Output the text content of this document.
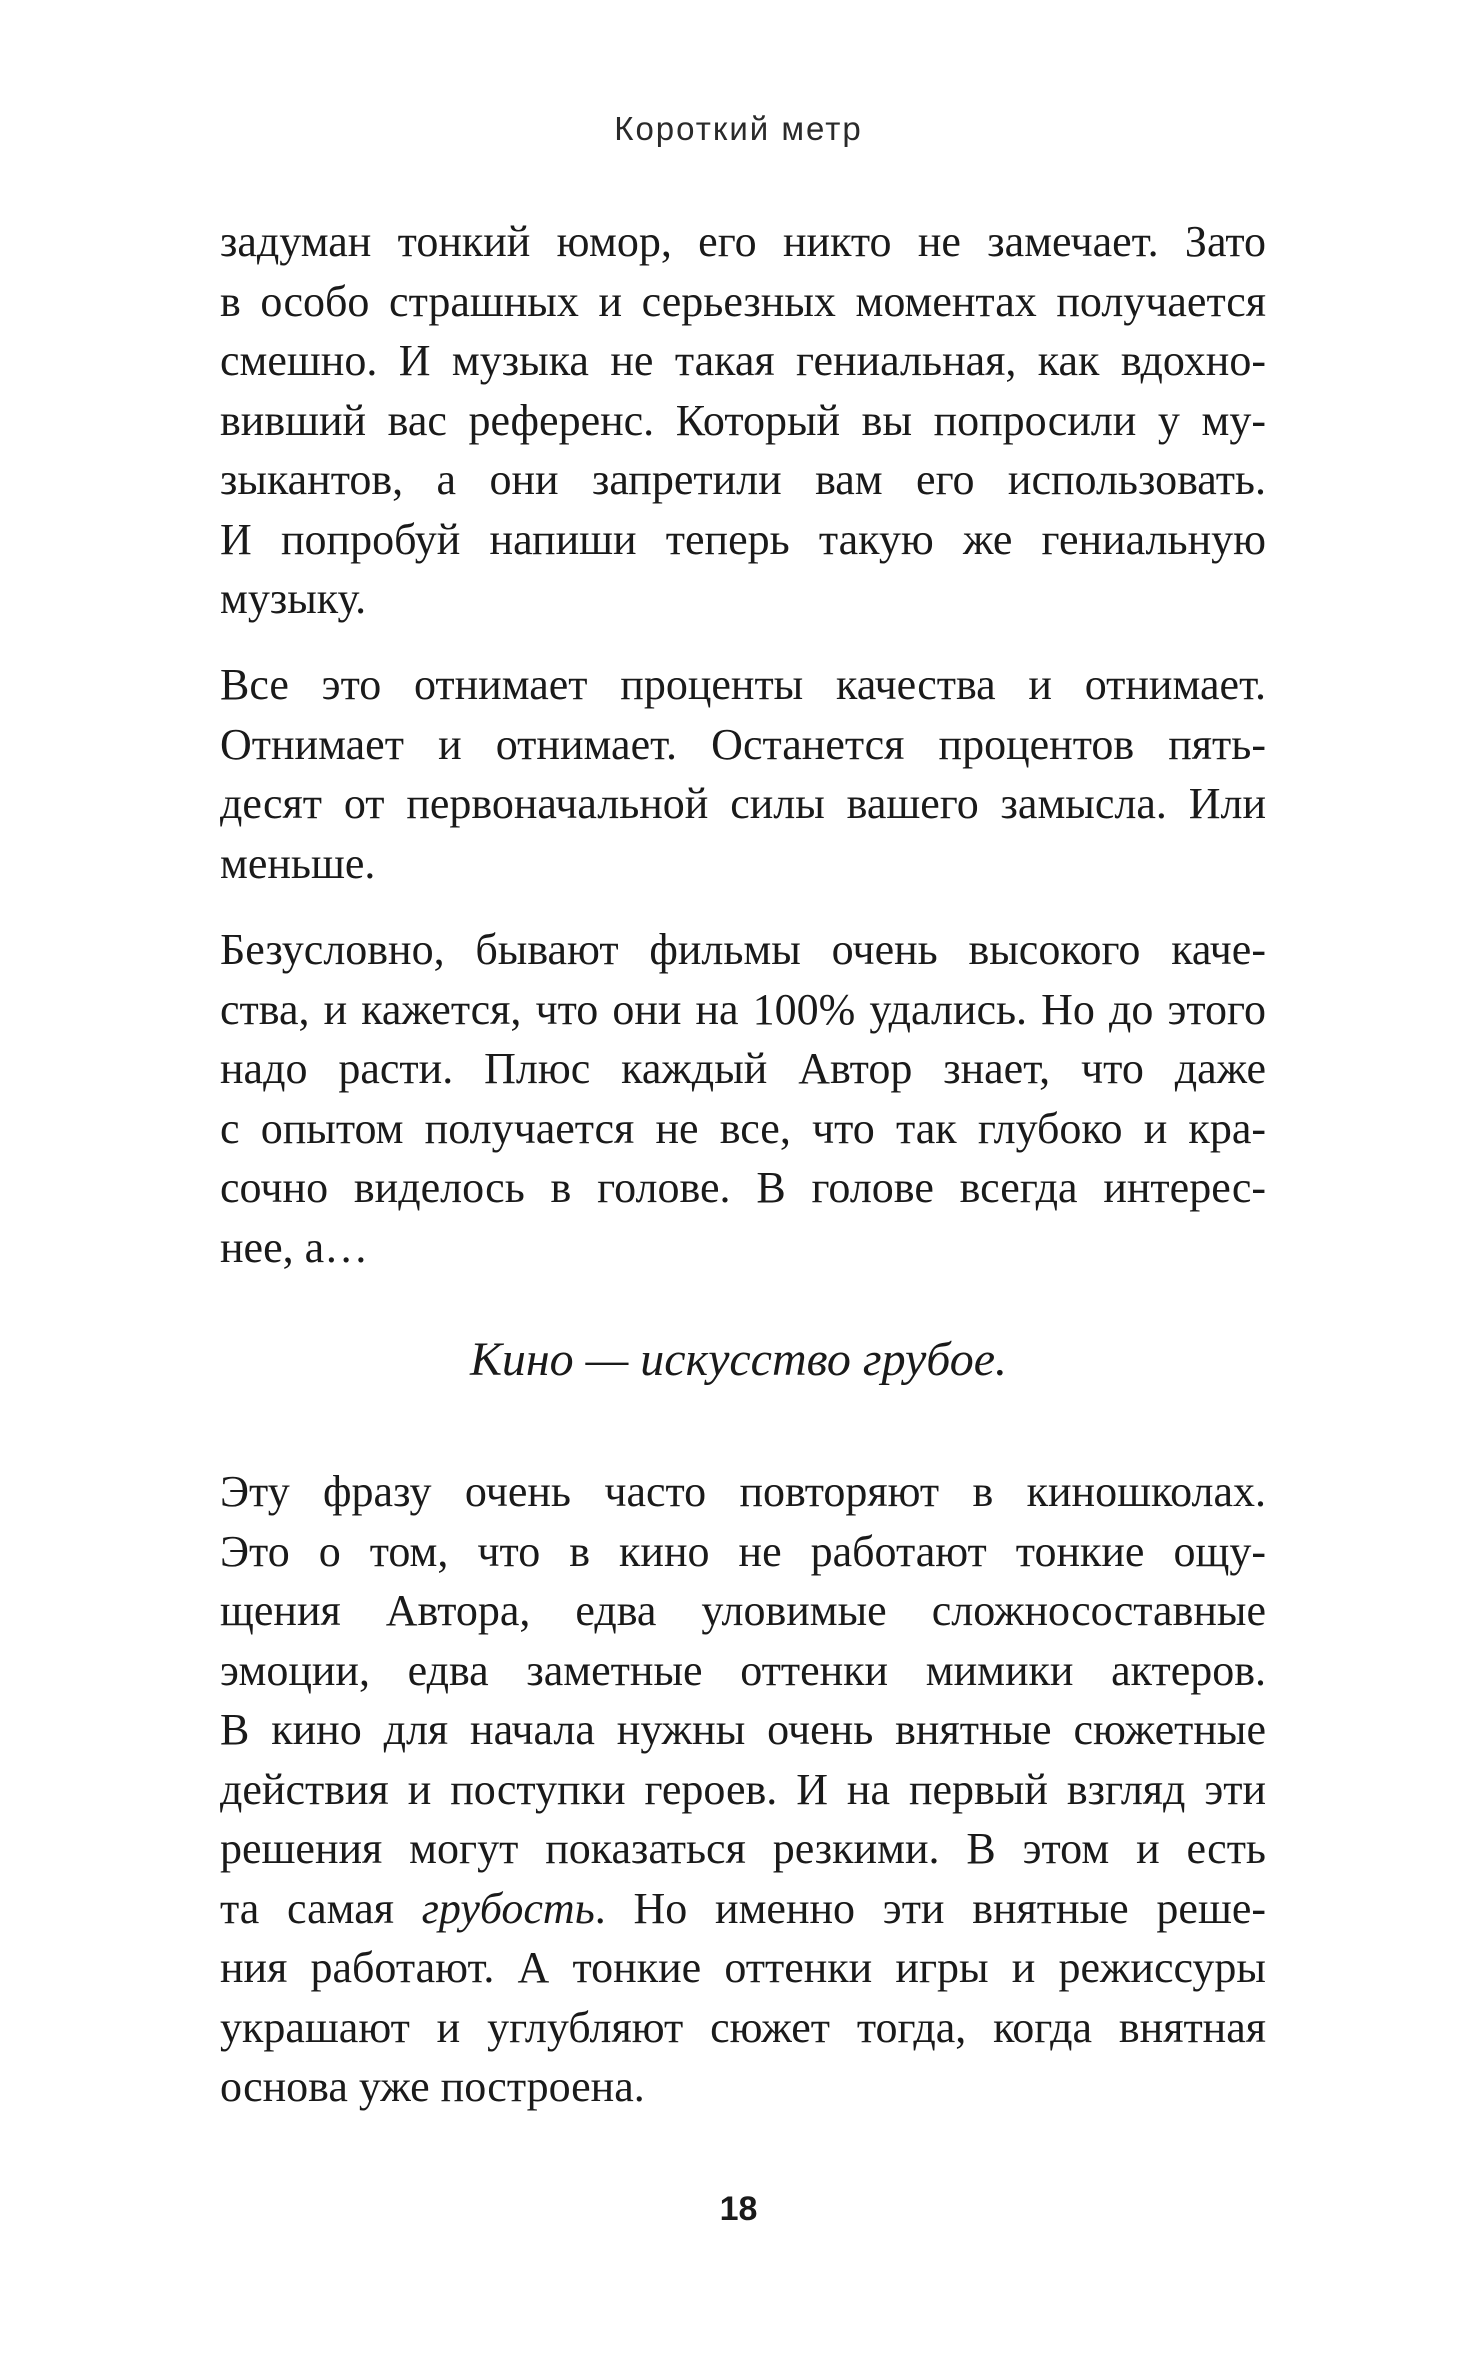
Короткий метр
задуман тонкий юмор, его никто не замечает. Зато
в особо страшных и серьезных моментах получается
смешно. И музыка не такая гениальная, как вдохно-
вивший вас референс. Который вы попросили у му-
зыкантов, а они запретили вам его использовать.
И попробуй напиши теперь такую же гениальную
музыку.
Все это отнимает проценты качества и отнимает.
Отнимает и отнимает. Останется процентов пять-
десят от первоначальной силы вашего замысла. Или
меньше.
Безусловно, бывают фильмы очень высокого каче-
ства, и кажется, что они на 100% удались. Но до этого
надо расти. Плюс каждый Автор знает, что даже
с опытом получается не все, что так глубоко и кра-
сочно виделось в голове. В голове всегда интерес-
нее, а…
Кино — искусство грубое.
Эту фразу очень часто повторяют в киношколах.
Это о том, что в кино не работают тонкие ощу-
щения Автора, едва уловимые сложносоставные
эмоции, едва заметные оттенки мимики актеров.
В кино для начала нужны очень внятные сюжетные
действия и поступки героев. И на первый взгляд эти
решения могут показаться резкими. В этом и есть
та самая грубость. Но именно эти внятные реше-
ния работают. А тонкие оттенки игры и режиссуры
украшают и углубляют сюжет тогда, когда внятная
основа уже построена.
18
